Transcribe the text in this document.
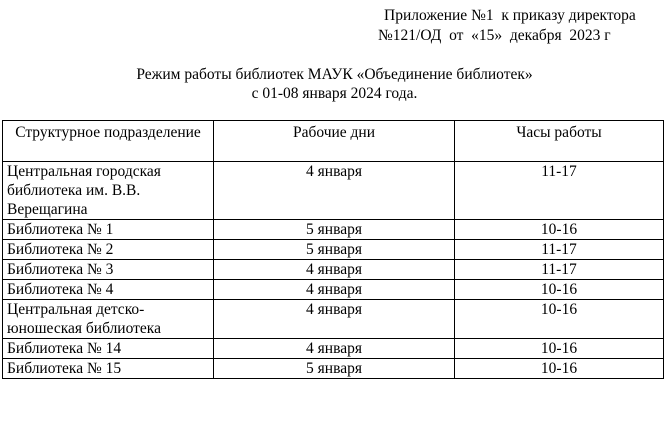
Приложение №1  к приказу директора
№121/ОД  от  «15»  декабря  2023 г
Режим работы библиотек МАУК «Объединение библиотек»
с 01-08 января 2024 года.
Структурное подразделение	Рабочие дни	Часы работы
Центральная городская библиотека им. В.В. Верещагина	4 января	11-17
Библиотека № 1	5 января	10-16
Библиотека № 2	5 января	11-17
Библиотека № 3	4 января	11-17
Библиотека № 4	4 января	10-16
Центральная детско-юношеская библиотека	4 января	10-16
Библиотека № 14	4 января	10-16
Библиотека № 15	5 января	10-16
